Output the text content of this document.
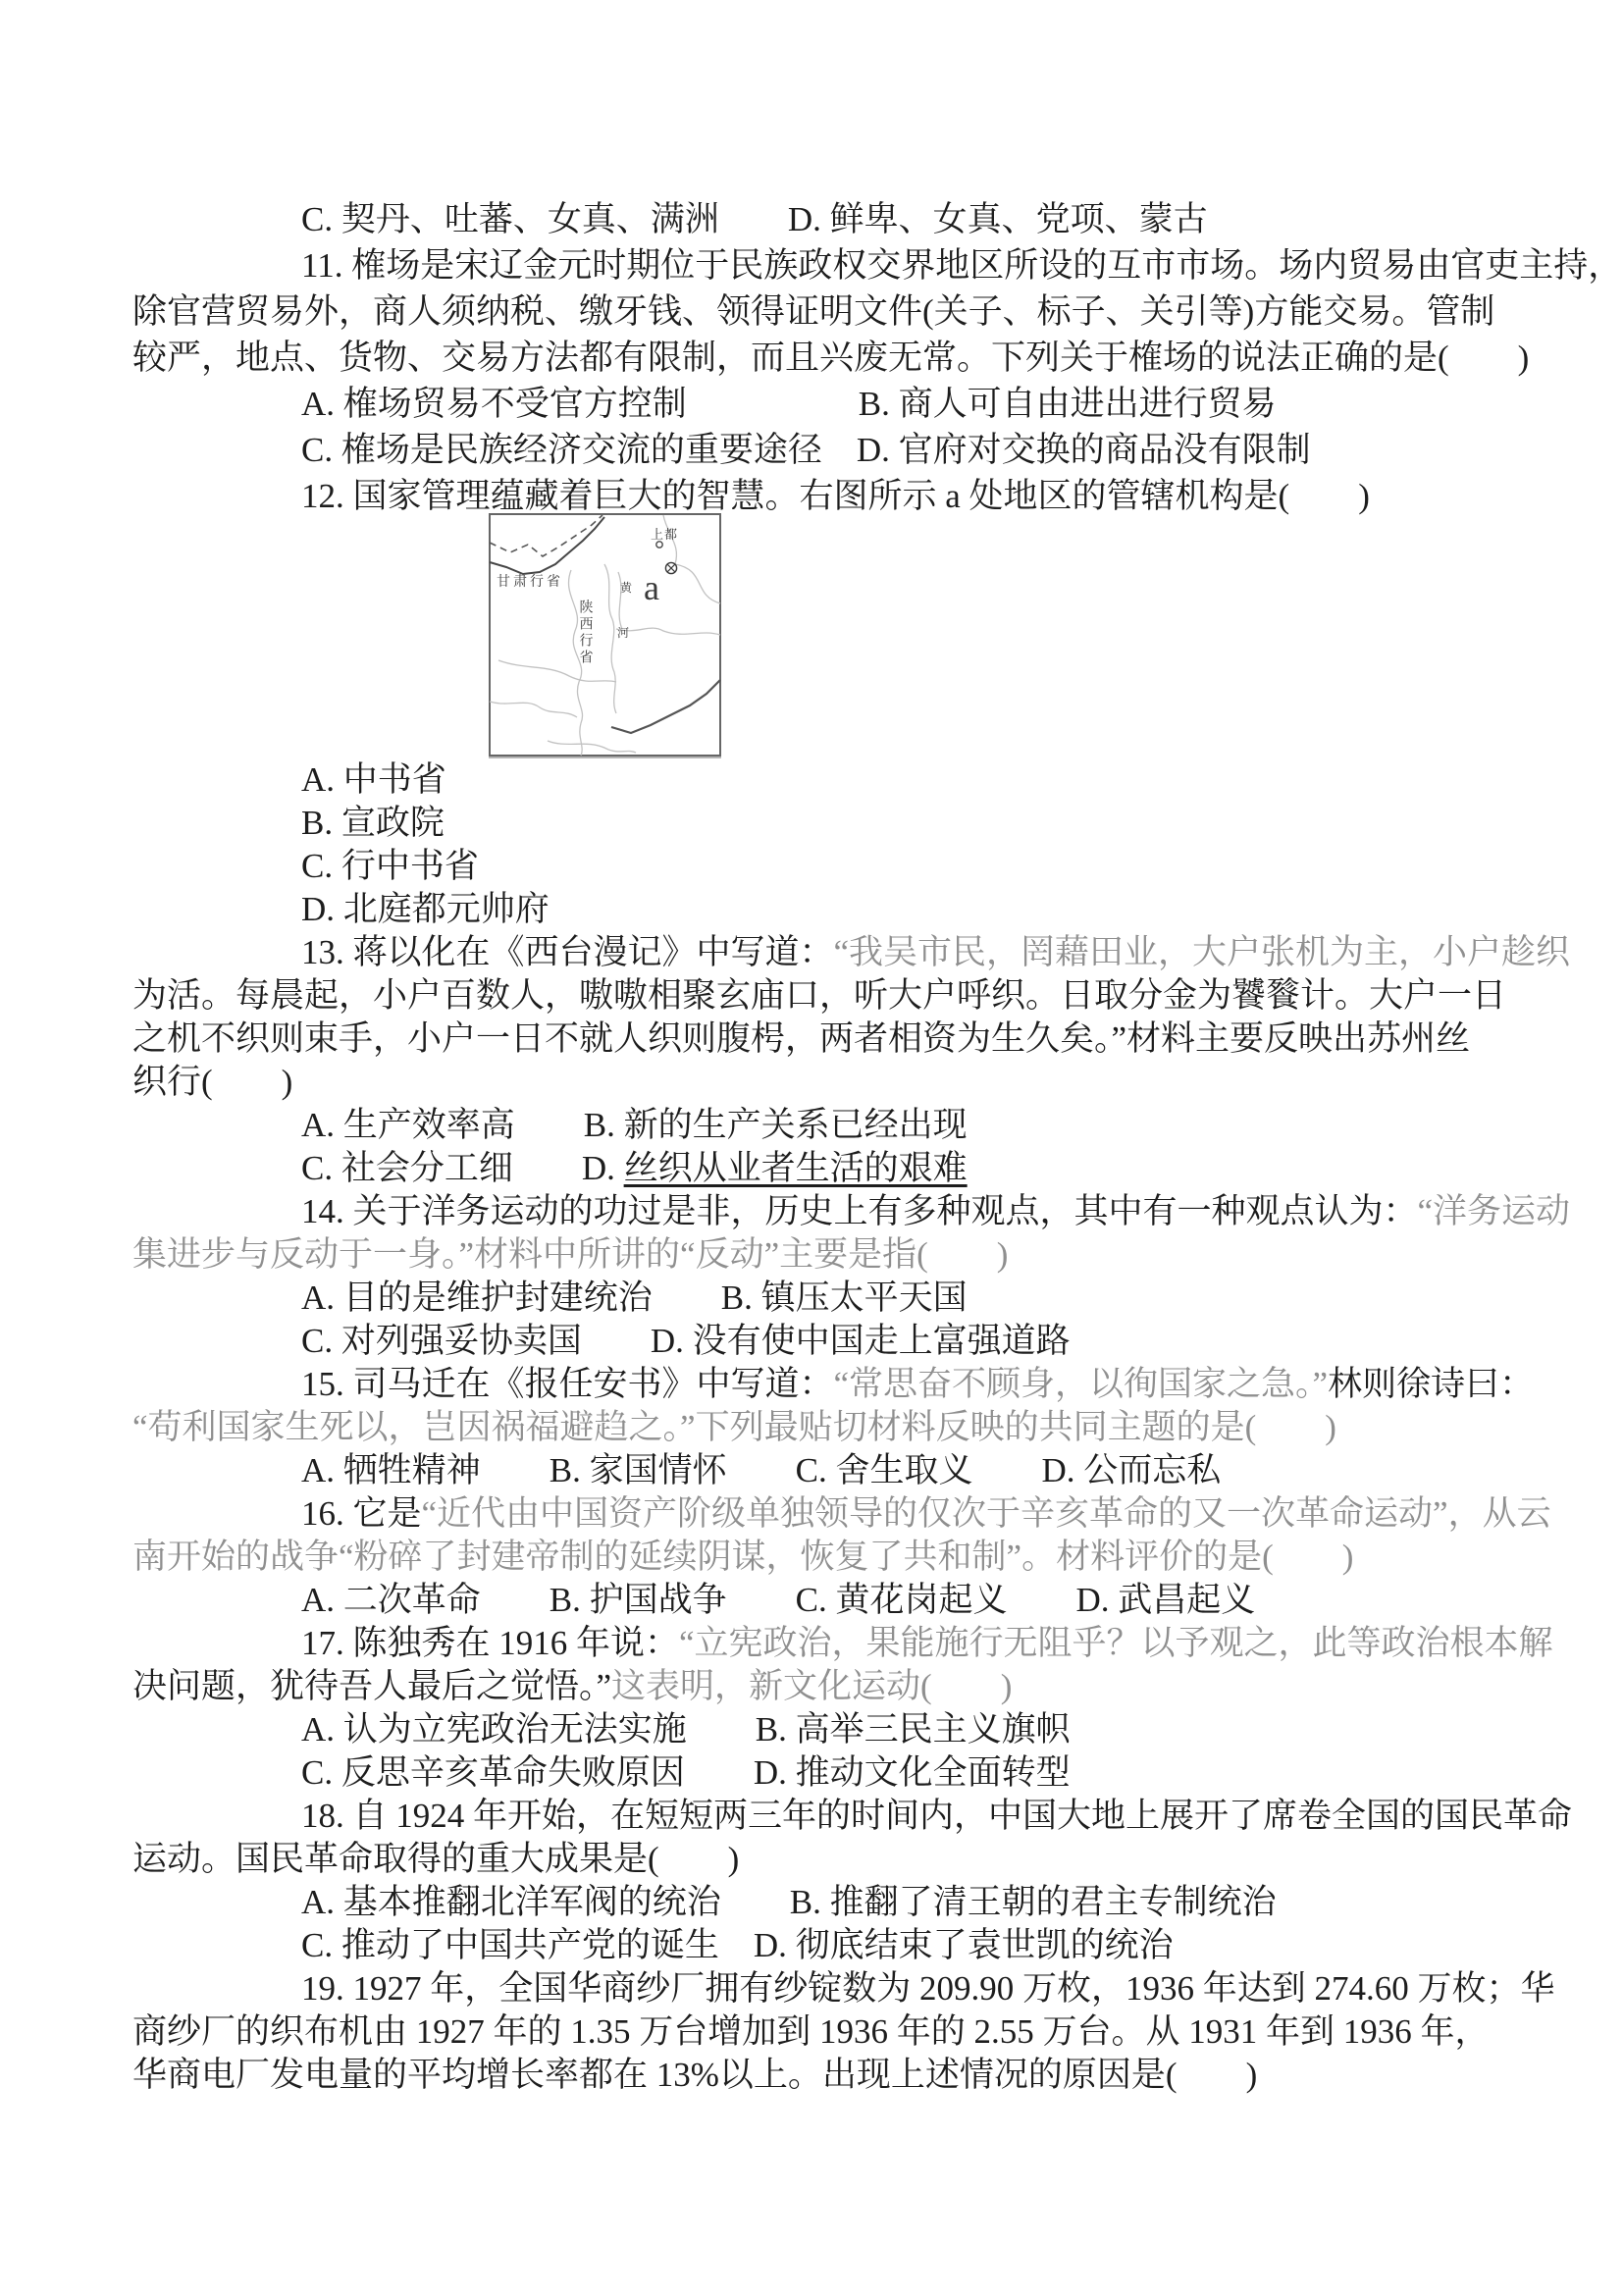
C. 契丹、吐蕃、女真、满洲　　D. 鲜卑、女真、党项、蒙古
11. 榷场是宋辽金元时期位于民族政权交界地区所设的互市市场。场内贸易由官吏主持，
除官营贸易外，商人须纳税、缴牙钱、领得证明文件(关子、标子、关引等)方能交易。管制
较严，地点、货物、交易方法都有限制，而且兴废无常。下列关于榷场的说法正确的是(　　)
A. 榷场贸易不受官方控制　　　　　B. 商人可自由进出进行贸易
C. 榷场是民族经济交流的重要途径　D. 官府对交换的商品没有限制
12. 国家管理蕴藏着巨大的智慧。右图所示 a 处地区的管辖机构是(　　)
甘肃行省
陕西行省
上都
a
黄
河
A. 中书省
B. 宣政院
C. 行中书省
D. 北庭都元帅府
13. 蒋以化在《西台漫记》中写道：“我吴市民，罔藉田业，大户张机为主，小户趁织
为活。每晨起，小户百数人，嗷嗷相聚玄庙口，听大户呼织。日取分金为饕餮计。大户一日
之机不织则束手，小户一日不就人织则腹枵，两者相资为生久矣。”材料主要反映出苏州丝
织行(　　)
A. 生产效率高　　B. 新的生产关系已经出现
C. 社会分工细　　D. 丝织从业者生活的艰难
14. 关于洋务运动的功过是非，历史上有多种观点，其中有一种观点认为：“洋务运动
集进步与反动于一身。”材料中所讲的“反动”主要是指(　　)
A. 目的是维护封建统治　　B. 镇压太平天国
C. 对列强妥协卖国　　D. 没有使中国走上富强道路
15. 司马迁在《报任安书》中写道：“常思奋不顾身，以徇国家之急。”林则徐诗曰：
“苟利国家生死以，岂因祸福避趋之。”下列最贴切材料反映的共同主题的是(　　)
A. 牺牲精神　　B. 家国情怀　　C. 舍生取义　　D. 公而忘私
16. 它是“近代由中国资产阶级单独领导的仅次于辛亥革命的又一次革命运动”，从云
南开始的战争“粉碎了封建帝制的延续阴谋，恢复了共和制”。材料评价的是(　　)
A. 二次革命　　B. 护国战争　　C. 黄花岗起义　　D. 武昌起义
17. 陈独秀在 1916 年说：“立宪政治，果能施行无阻乎？以予观之，此等政治根本解
决问题，犹待吾人最后之觉悟。”这表明，新文化运动(　　)
A. 认为立宪政治无法实施　　B. 高举三民主义旗帜
C. 反思辛亥革命失败原因　　D. 推动文化全面转型
18. 自 1924 年开始，在短短两三年的时间内，中国大地上展开了席卷全国的国民革命
运动。国民革命取得的重大成果是(　　)
A. 基本推翻北洋军阀的统治　　B. 推翻了清王朝的君主专制统治
C. 推动了中国共产党的诞生　D. 彻底结束了袁世凯的统治
19. 1927 年，全国华商纱厂拥有纱锭数为 209.90 万枚，1936 年达到 274.60 万枚；华
商纱厂的织布机由 1927 年的 1.35 万台增加到 1936 年的 2.55 万台。从 1931 年到 1936 年，
华商电厂发电量的平均增长率都在 13%以上。出现上述情况的原因是(　　)
